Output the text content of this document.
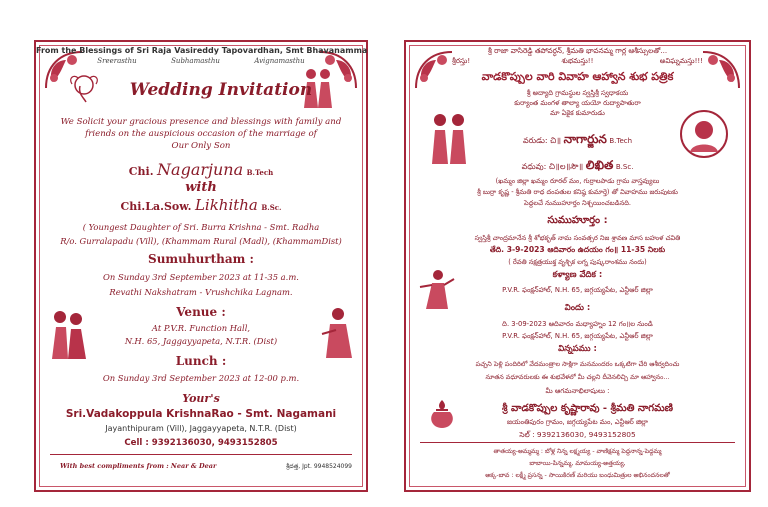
From the Blessings of Sri Raja Vasireddy Tapovardhan, Smt Bhavanamma
Sreerasthu	Subhamasthu	Avignamasthu
Wedding Invitation
We Solicit your gracious presence and blessings with family and
friends on the auspicious occasion of the marriage of
Our Only Son
Chi. Nagarjuna B.Tech
with
Chi.La.Sow. Likhitha B.Sc.
( Youngest Daughter of Sri. Burra Krishna - Smt. Radha
R/o. Gurralapadu (Vill), (Khammam Rural (Madl), (KhammamDist)
Sumuhurtham :
On Sunday 3rd September 2023 at 11-35 a.m.
Revathi Nakshatram - Vrushchika Lagnam.
Venue :
At P.V.R. Function Hall,
N.H. 65, Jaggayyapeta, N.T.R. (Dist)
Lunch :
On Sunday 3rd September 2023 at 12-00 p.m.
Your's
Sri.Vadakoppula KrishnaRao - Smt. Nagamani
Jayanthipuram (Vill), Jaggayyapeta, N.T.R. (Dist)
Cell : 9392136030, 9493152805
With best compliments from : Near & Dear	శ్రీదత్త, Jpt. 9948524099
శ్రీ రాజా వాసిరెడ్డి తపోవర్ధన్, శ్రీమతి భావనమ్మ గార్ల ఆశీస్సులతో...
శ్రీరస్తు!	శుభమస్తు!!	అవిఘ్నమస్తు!!!
వాడకొప్పుల వారి వివాహ ఆహ్వాన శుభ పత్రిక
శ్రీ అద్యాది గ్రామస్థుల స్వస్తిశ్రీ స్వధాకయ
కుర్యాంత మంగళ తాల్యా యయో రుద్యాపాతురా
మా ఏకైక కుమారుడు
వరుడు: చి॥ నాగార్జున B.Tech
వధువు: చి॥ల॥సౌ॥ లిఖిత B.Sc.
(ఖమ్మం జిల్లా ఖమ్మం రూరల్ మం, గుర్రాలపాడు గ్రామ వాస్తవ్యులు
శ్రీ బుర్రా కృష్ణ - శ్రీమతి రాధ దంపతుల కనిష్ఠ కుమార్తె) తో వివాహము జరుపుటకు
పెద్దలచే నుముహూర్తం నిశ్చయించబడినది.
సుముహూర్తం :
స్వస్తిశ్రీ చాంద్రమానేన శ్రీ శోభకృత్ నామ సంవత్సర నిజ శ్రావణ మాస బహుళ చవితి
తేది. 3-9-2023 ఆదివారం ఉదయం గం॥ 11-35 నిలకు
( రేవతి నక్షత్రయుక్త వృశ్చిక లగ్న పుష్కరాంశము నందు)
కళ్యాణ వేదిక :
P.V.R. ఫంక్షన్‌హాల్, N.H. 65, జగ్గయ్యపేట, ఎన్టీఆర్ జిల్లా
విందు :
ది. 3-09-2023 ఆదివారం మధ్యాహ్నం 12 గం॥ల నుండి
P.V.R. ఫంక్షన్‌హాల్, N.H. 65, జగ్గయ్యపేట, ఎన్టీఆర్ జిల్లా
విన్నపము :
పచ్చని పెళ్లి పందిరిలో వేదమంత్రాల సాక్షిగా మనమందరం ఒక్కటిగా చేరి ఆశీర్వదించు
నూతన వధూవరులకు ఈ శుభవేళలో మీ చల్లని దీవెనలిచ్చి మా ఆహ్వానం...
మీ ఆగమనాభిలాషులు :
శ్రీ వాడకొప్పుల కృష్ణారావు - శ్రీమతి నాగమణి
జయంతిపురం గ్రామం, జగ్గయ్యపేట మం, ఎన్టీఆర్ జిల్లా
సెల్ : 9392136030, 9493152805
తాతయ్య-అమ్మమ్మ : బోళ్ల నిన్న లక్ష్మయ్య - వాణిక్షమ్మ పెద్దనాన్న-పెద్దమ్మ
బాబాయి-పిన్నమ్మ, మామయ్య-అత్తయ్య,
అక్క-బావ : లక్ష్మీ ప్రసన్న - సాయికిరణ్ మరియు బంధుమిత్రుల అభినందనలతో
